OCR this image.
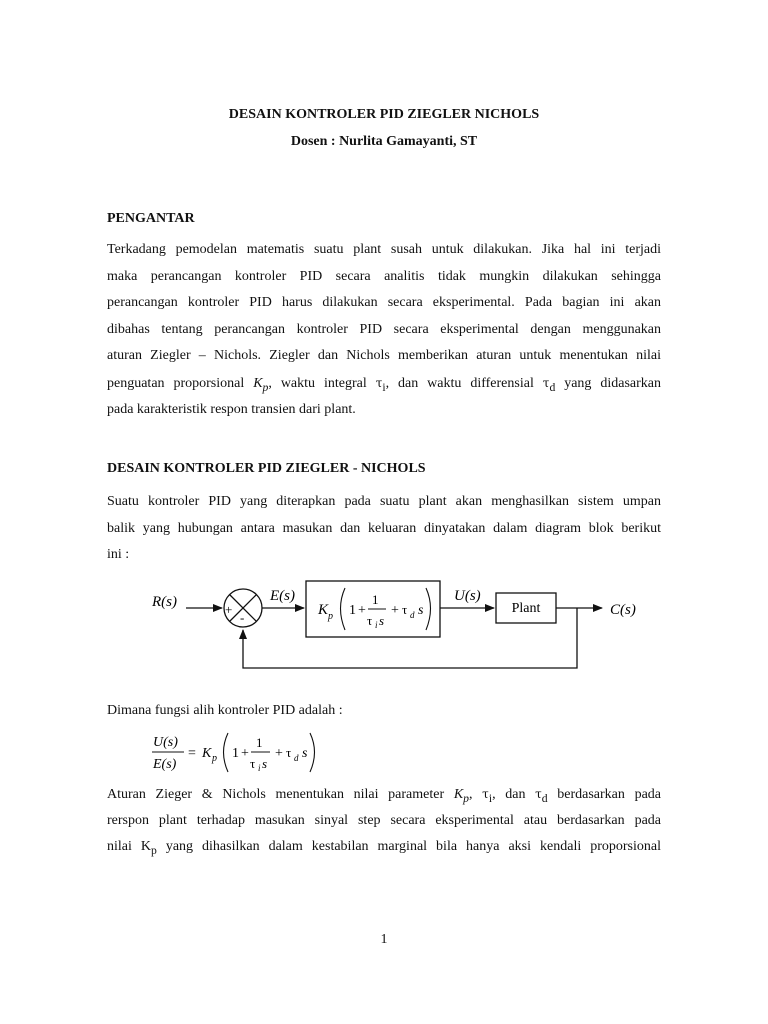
DESAIN KONTROLER PID ZIEGLER NICHOLS
Dosen : Nurlita Gamayanti, ST
PENGANTAR
Terkadang pemodelan matematis suatu plant susah untuk dilakukan. Jika hal ini terjadi
maka perancangan kontroler PID secara analitis tidak mungkin dilakukan sehingga
perancangan kontroler PID harus dilakukan secara eksperimental. Pada bagian ini akan
dibahas tentang perancangan kontroler PID secara eksperimental dengan menggunakan
aturan Ziegler – Nichols. Ziegler dan Nichols memberikan aturan untuk menentukan nilai
penguatan proporsional $K_p$, waktu integral $\tau_i$, dan waktu differensial $\tau_d$ yang didasarkan
pada karakteristik respon transien dari plant.
DESAIN KONTROLER PID ZIEGLER - NICHOLS
Suatu kontroler PID yang diterapkan pada suatu plant akan menghasilkan sistem umpan
balik yang hubungan antara masukan dan keluaran dinyatakan dalam diagram blok berikut
ini :
R(s)	+
-
E(s)
K p 1 +
1
τ i s
+ τ d s
U(s)
Plant	C(s)
Dimana fungsi alih kontroler PID adalah :
U(s)
E(s)
= K p 1 +
1
τ i s
+ τ d s
Aturan Zieger & Nichols menentukan nilai parameter $K_p$, $\tau_i$, dan $\tau_d$ berdasarkan pada
rerspon plant terhadap masukan sinyal step secara eksperimental atau berdasarkan pada
nilai $K_p$ yang dihasilkan dalam kestabilan marginal bila hanya aksi kendali proporsional
1
